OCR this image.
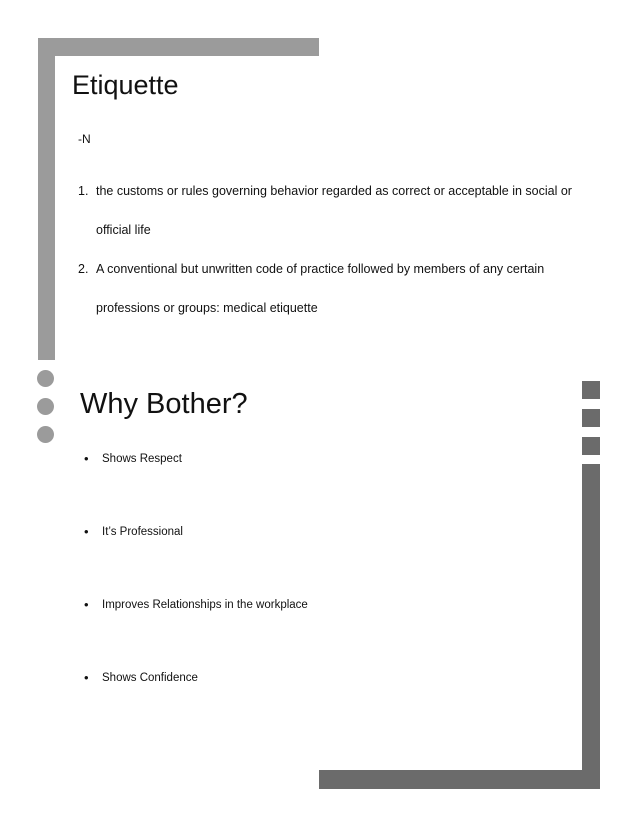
Etiquette
-N
1. the customs or rules governing behavior regarded as correct or acceptable in social or official life
2. A conventional but unwritten code of practice followed by members of any certain professions or groups: medical etiquette
Why Bother?
• Shows Respect
• It’s Professional
• Improves Relationships in the workplace
• Shows Confidence
